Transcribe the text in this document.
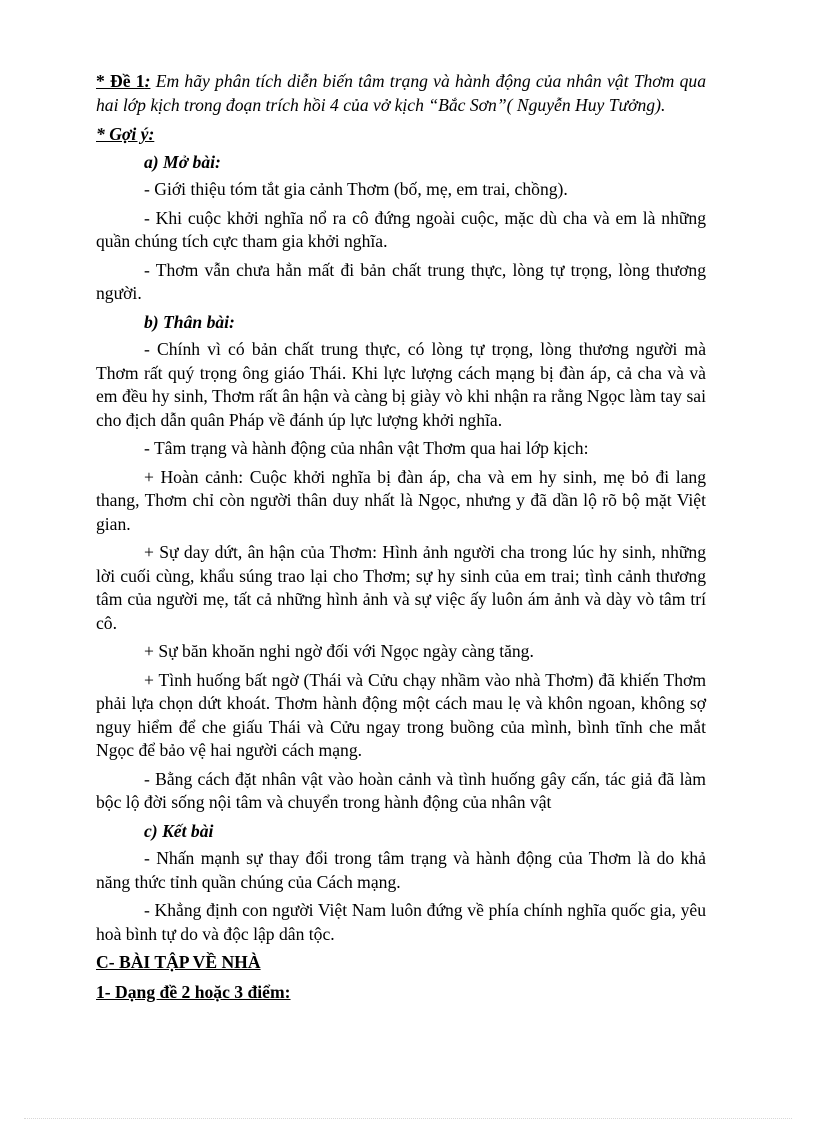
* Đề 1: Em hãy phân tích diễn biến tâm trạng và hành động của nhân vật Thơm qua hai lớp kịch trong đoạn trích hồi 4 của vở kịch “Bắc Sơn”( Nguyễn Huy Tưởng).

* Gợi ý:

a) Mở bài:

- Giới thiệu tóm tắt gia cảnh Thơm (bố, mẹ, em trai, chồng).

- Khi cuộc khởi nghĩa nổ ra cô đứng ngoài cuộc, mặc dù cha và em là những quần chúng tích cực tham gia khởi nghĩa.

- Thơm vẫn chưa hẳn mất đi bản chất trung thực, lòng tự trọng, lòng thương người.

b) Thân bài:

- Chính vì có bản chất trung thực, có lòng tự trọng, lòng thương người mà Thơm rất quý trọng ông giáo Thái. Khi lực lượng cách mạng bị đàn áp, cả cha và và em đều hy sinh, Thơm rất ân hận và càng bị giày vò khi nhận ra rằng Ngọc làm tay sai cho địch dẫn quân Pháp về đánh úp lực lượng khởi nghĩa.

- Tâm trạng và hành động của nhân vật Thơm qua hai lớp kịch:

+ Hoàn cảnh: Cuộc khởi nghĩa bị đàn áp, cha và em hy sinh, mẹ bỏ đi lang thang, Thơm chỉ còn người thân duy nhất là Ngọc, nhưng y đã dần lộ rõ bộ mặt Việt gian.

+ Sự day dứt, ân hận của Thơm: Hình ảnh người cha trong lúc hy sinh, những lời cuối cùng, khẩu súng trao lại cho Thơm; sự hy sinh của em trai; tình cảnh thương tâm của người mẹ, tất cả những hình ảnh và sự việc ấy luôn ám ảnh và dày vò tâm trí cô.

+ Sự băn khoăn nghi ngờ đối với Ngọc ngày càng tăng.

+ Tình huống bất ngờ (Thái và Cửu chạy nhầm vào nhà Thơm) đã khiến Thơm phải lựa chọn dứt khoát. Thơm hành động một cách mau lẹ và khôn ngoan, không sợ nguy hiểm để che giấu Thái và Cửu ngay trong buồng của mình, bình tĩnh che mắt Ngọc để bảo vệ hai người cách mạng.

- Bằng cách đặt nhân vật vào hoàn cảnh và tình huống gây cấn, tác giả đã làm bộc lộ đời sống nội tâm và chuyển trong hành động của nhân vật

c) Kết bài

- Nhấn mạnh sự thay đổi trong tâm trạng và hành động của Thơm là do khả năng thức tỉnh quần chúng của Cách mạng.

- Khẳng định con người Việt Nam luôn đứng về phía chính nghĩa quốc gia, yêu hoà bình tự do và độc lập dân tộc.

C- BÀI TẬP VỀ NHÀ

1- Dạng đề 2 hoặc 3 điểm:
